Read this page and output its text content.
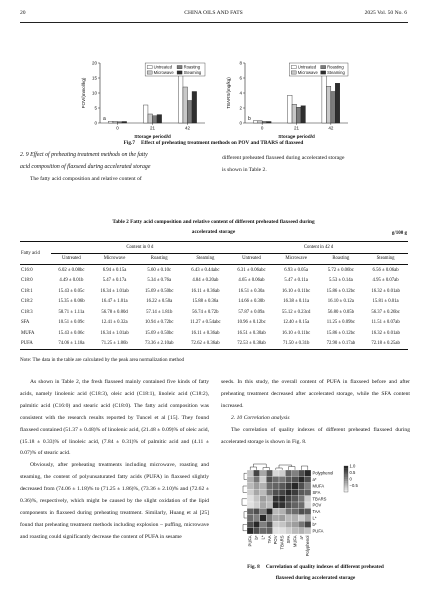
20	CHINA OILS AND FATS	2025 Vol. 50 No. 6
0
5
10
15
20
POV/(mmol/kg)
0	21	42
Storage period/d
a
Untreated	Roasting
Microwave Steaming
0
2
4
6
8
TBARS/(mg/kg)
0	21	42
Storage period/d
b
Untreated	Roasting
Microwave Steaming
Fig.7 Effect of preheating treatment methods on POV and TBARS of flaxseed
2. 9 Effect of preheating treatment methods on the fatty
acid composition of flaxseed during accelerated storage
The fatty acid composition and relative content of
different preheated flaxseed during accelerated storage
is shown in Table 2.
Table 2 Fatty acid composition and relative content of different preheated flaxseed during
accelerated storage	g/100 g
Fatty acid	Content in 0 d				Content in 42 d			
	Untreated	Microwave	Roasting	Steaming	Untreated	Microwave	Roasting	Steaming
C16:0	6.02 ± 0.08bc	6.94 ± 0.15a	5.60 ± 0.10c	6.43 ± 0.44abc	6.31 ± 0.06abc	6.93 ± 0.05a	5.72 ± 0.06bc	6.56 ± 0.06ab
C18:0	4.49 ± 0.01b	5.47 ± 0.17a	5.34 ± 0.76a	4.84 ± 0.20ab	4.65 ± 0.06ab	5.47 ± 0.11a	5.53 ± 0.14a	4.95 ± 0.07ab
C18:1	15.43 ± 0.05c	16.34 ± 1.01ab	15.69 ± 0.50bc	16.11 ± 0.36ab	16.51 ± 0.30a	16.10 ± 0.11bc	15.86 ± 0.12bc	16.32 ± 0.01ab
C18:2	15.35 ± 0.06b	16.47 ± 1.01a	16.22 ± 0.50a	15.88 ± 0.36a	14.66 ± 0.30b	16.38 ± 0.11a	16.10 ± 0.12a	15.81 ± 0.01a
C18:3	58.71 ± 1.11a	56.78 ± 0.80d	57.14 ± 1.81b	56.74 ± 0.72b	57.87 ± 0.09a	55.12 ± 0.23cd	56.80 ± 0.05b	56.37 ± 0.26bc
SFA	10.51 ± 0.09c	12.41 ± 0.32a	10.94 ± 0.72bc	11.27 ± 0.54abc	10.96 ± 0.12bc	12.40 ± 0.15a	11.25 ± 0.09bc	11.51 ± 0.07ab
MUFA	15.43 ± 0.06c	16.34 ± 1.01ab	15.69 ± 0.50bc	16.11 ± 0.36ab	16.51 ± 0.30ab	16.10 ± 0.11bc	15.86 ± 0.12bc	16.32 ± 0.01ab
PUFA	74.06 ± 1.18a	71.25 ± 1.86b	73.36 ± 2.10ab	72.62 ± 0.36ab	72.53 ± 0.38ab	71.50 ± 0.31b	72.90 ± 0.17ab	72.18 ± 0.25ab
Note: The data in the table are calculated by the peak area normalization method

As shown in Table 2, the fresh flaxseed mainly contained five kinds of fatty acids, namely linolenic acid (C18:3), oleic acid (C18:1), linoleic acid (C18:2), palmitic acid (C16:0) and stearic acid (C18:0). The fatty acid composition was consistent with the research results reported by Tuncel et al [15]. They found flaxseed contained (51.37 ± 0.48)% of linolenic acid, (21.48 ± 0.09)% of oleic acid, (15.18 ± 0.33)% of linoleic acid, (7.84 ± 0.31)% of palmitic acid and (4.11 ± 0.07)% of stearic acid.

Obviously, after preheating treatments including microwave, roasting and steaming, the content of polyunsaturated fatty acids (PUFA) in flaxseed slightly decreased from (74.06 ± 1.18)% to (71.25 ± 1.86)%, (73.36 ± 2.10)% and (72.62 ± 0.36)%, respectively, which might be caused by the slight oxidation of the lipid components in flaxseed during preheating treatment. Similarly, Huang et al [25] found that preheating treatment methods including explosion – puffing, microwave and roasting could significantly decrease the content of PUFA in sesame

seeds. In this study, the overall content of PUFA in flaxseed before and after preheating treatment decreased after accelerated storage, while the SFA content increased.

2. 10 Correlation analysis

The correlation of quality indexes of different preheated flaxseed during accelerated storage is shown in Fig. 8.

Polyphenol
a*
MUFA
SFA
TBARS
POV
TAA
L*
b*
PUFA
PUFA b* L* TAA POV TBARS SFA MUFA a* Polyphenol
1.0
0.5
0
−0.5
Fig. 8 Correlation of quality indexes of different preheated
flaxseed during accelerated storage
